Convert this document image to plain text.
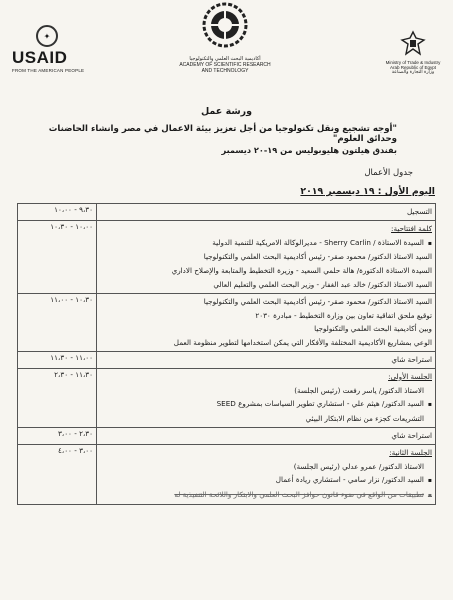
✦
USAID
FROM THE AMERICAN PEOPLE
أكاديمية البحث العلمي والتكنولوجيا
ACADEMY OF SCIENTIFIC RESEARCH
AND TECHNOLOGY
Ministry of Trade & Industry
Arab Republic of Egypt
وزارة التجارة والصناعة
ورشة عمل
"أوجه تشجيع ونقل تكنولوجيا من أجل تعزيز بيئة الاعمال في مصر وانشاء الحاضنات وحدائق العلوم"
بفندق هيلتون هليوبوليس من ١٩-٢٠ ديسمبر
جدول الأعمال
اليوم الأول : ١٩ ديسمبر ٢٠١٩
التسجيل	٩،٣٠ - ١٠،٠٠

كلمة افتتاحية:
▪ السيدة الاستاذة / Sherry Carlin - مديرالوكالة الامريكية للتنمية الدولية
السيد الاستاذ الدكتور/ محمود صقر- رئيس أكاديمية البحث العلمي والتكنولوجيا
السيدة الاستاذة الدكتورة/ هالة حلمي السعيد - وزيرة التخطيط والمتابعة والإصلاح الاداري
السيد الاستاذ الدكتور/ خالد عبد الغفار - وزير البحث العلمي والتعليم العالي	١٠،٠٠ - ١٠،٣٠

السيد الاستاذ الدكتور/ محمود صقر- رئيس أكاديمية البحث العلمي والتكنولوجيا
توقيع ملحق اتفاقية تعاون بين وزارة التخطيط - مبادرة ٢٠٣٠
وبين أكاديمية البحث العلمي والتكنولوجيا
الوعي بمشاريع الأكاديمية المختلفة والأفكار التي يمكن استخدامها لتطوير منظومة العمل	١٠،٣٠ - ١١،٠٠

استراحة شاي	١١،٠٠ - ١١،٣٠

الجلسة الأولى:
الاستاذ الدكتور/ ياسر رفعت (رئيس الجلسة)
▪ السيد الدكتور/ هيثم علي - استشاري تطوير السياسات بمشروع SEED
التشريعات كجزء من نظام الابتكار البيئي	١١،٣٠ - ٢،٣٠

استراحة شاي	٢،٣٠ - ٣،٠٠

الجلسة الثانية:
الاستاذ الدكتور/ عمرو عدلي (رئيس الجلسة)
▪ السيد الدكتور/ نزار سامي - استشاري ريادة أعمال
▪ تطبيقات من الواقع في ضوء قانون حوافز البحث العلمي والابتكار واللائحة التنفيذية له	٣،٠٠ - ٤،٠٠
